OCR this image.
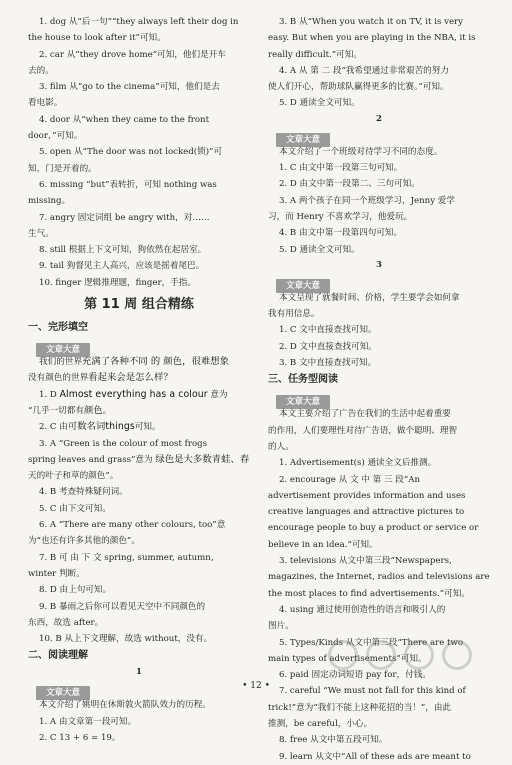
1. dog 从“后一句”“they always left their dog in
the house to look after it”可知。
2. car 从“they drove home”可知，他们是开车
去的。
3. film 从“go to the cinema”可知，他们是去
看电影。
4. door 从“when they came to the front
door，”可知。
5. open 从“The door was not locked(锁)”可
知，门是开着的。
6. missing “but”表转折，可知 nothing was
missing。
7. angry 固定词组 be angry with，对……
生气。
8. still 根据上下文可知，狗依然在起居室。
9. tail 狗督见主人高兴，应该是摇着尾巴。
10. finger 逻辑推理题，finger，手指。
第 11 周 组合精练
一、完形填空
文章大意
我们的世界充满了各种不同 的 颜色，很难想象
没有颜色的世界看起来会是怎么样？
1. D Almost everything has a colour 意为
“几乎一切都有颜色。
2. C 由可数名词things可知。
3. A “Green is the colour of most frogs
spring leaves and grass”意为 绿色是大多数青蛙、春
天的叶子和草的颜色”。
4. B 考查特殊疑问词。
5. C 由下文可知。
6. A “There are many other colours, too”意
为“也还有许多其他的颜色”。
7. B 可 由 下 文 spring, summer, autumn,
winter 判断。
8. D 由上句可知。
9. B 暴雨之后你可以看见天空中不同颜色的
东西，故选 after。
10. B 从上下文理解，故选 without，没有。
二、阅读理解
1
文章大意
本文介绍了姚明在休斯敦火箭队效力的历程。
1. A 由文章第一段可知。
2. C 13 + 6 = 19。
3. B 从“When you watch it on TV, it is very
easy. But when you are playing in the NBA, it is
really difficult.”可知。
4. A 从 第 二 段“我希望通过非常艰苦的努力
使人们开心，帮助球队赢得更多的比赛。”可知。
5. D 通读全文可知。
2
文章大意
本文介绍了一个班级对待学习不同的态度。
1. C 由文中第一段第三句可知。
2. D 由文中第一段第二、三句可知。
3. A 两个孩子在同一个班级学习，Jenny 爱学
习，而 Henry 不喜欢学习，他爱玩。
4. B 由文中第一段第四句可知。
5. D 通读全文可知。
3
文章大意
本文呈现了就餐时间、价格，学生要学会如何拿
我有用信息。
1. C 文中直接查找可知。
2. D 文中直接查找可知。
3. B 文中直接查找可知。
三、任务型阅读
文章大意
本文主要介绍了广告在我们的生活中起着重要
的作用，人们要理性对待广告语，做个聪明、理智
的人。
1. Advertisement(s) 通读全文后推测。
2. encourage 从 文 中 第 三 段“An
advertisement provides information and uses
creative languages and attractive pictures to
encourage people to buy a product or service or
believe in an idea.”可知。
3. televisions 从文中第三段“Newspapers,
magazines, the Internet, radios and televisions are
the most places to find advertisements.”可知。
4. using 通过使用创造性的语言和吸引人的
图片。
5. Types/Kinds 从文中第三段“There are two
main types of advertisements”可知。
6. paid 固定动词短语 pay for，付钱。
7. careful “We must not fall for this kind of
trick!”意为“我们不能上这种花招的当！”，由此
推测，be careful，小心。
8. free 从文中第五段可知。
9. learn 从文中“All of these ads are meant to
• 12 •
